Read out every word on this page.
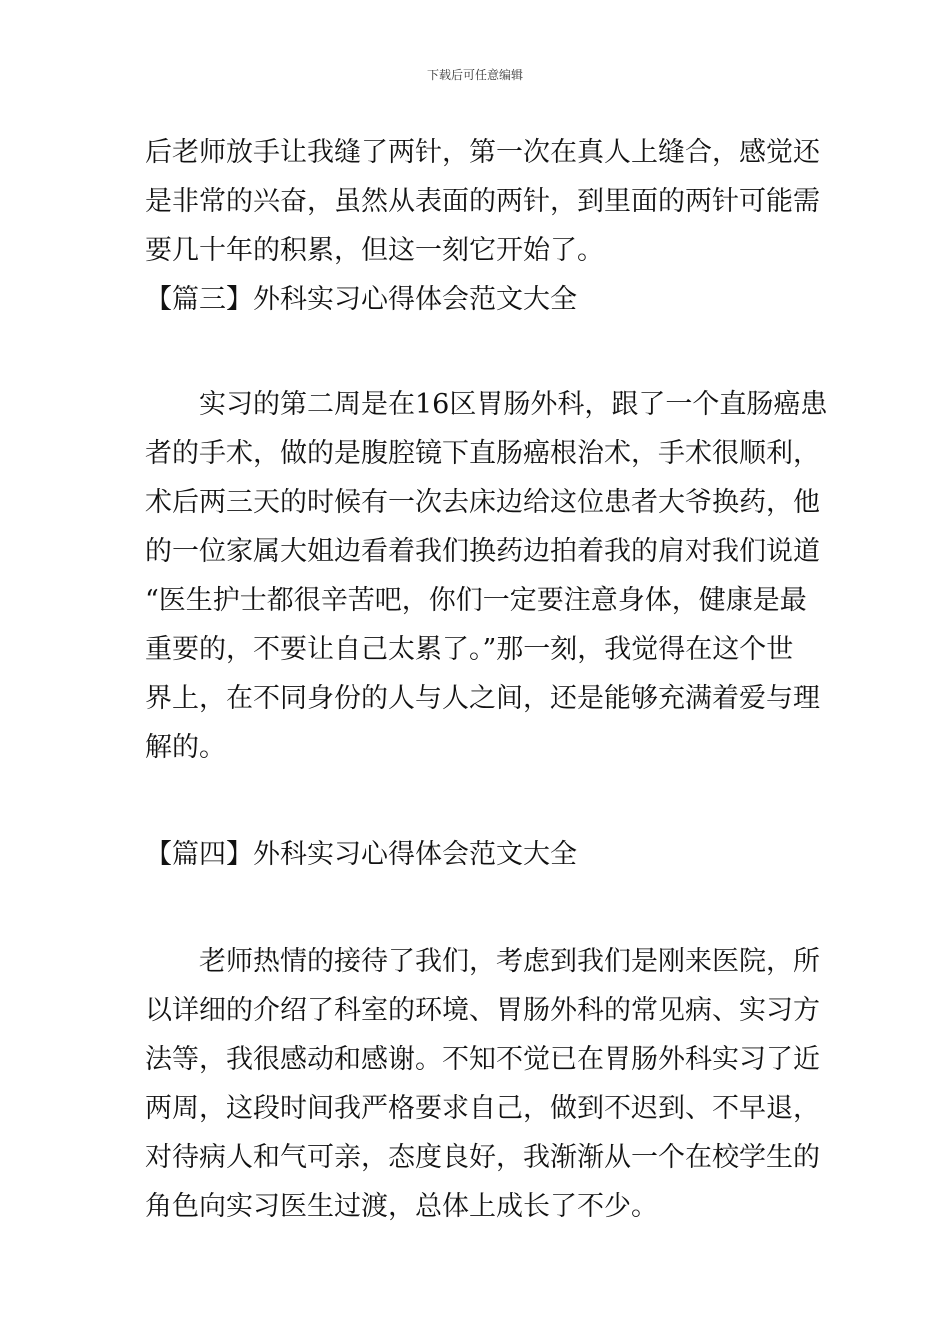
下载后可任意编辑
后老师放手让我缝了两针，第一次在真人上缝合，感觉还
是非常的兴奋，虽然从表面的两针，到里面的两针可能需
要几十年的积累，但这一刻它开始了。
【篇三】外科实习心得体会范文大全
实习的第二周是在16区胃肠外科，跟了一个直肠癌患
者的手术，做的是腹腔镜下直肠癌根治术，手术很顺利，
术后两三天的时候有一次去床边给这位患者大爷换药，他
的一位家属大姐边看着我们换药边拍着我的肩对我们说道
“医生护士都很辛苦吧，你们一定要注意身体，健康是最
重要的，不要让自己太累了。”那一刻，我觉得在这个世
界上，在不同身份的人与人之间，还是能够充满着爱与理
解的。
【篇四】外科实习心得体会范文大全
老师热情的接待了我们，考虑到我们是刚来医院，所
以详细的介绍了科室的环境、胃肠外科的常见病、实习方
法等，我很感动和感谢。不知不觉已在胃肠外科实习了近
两周，这段时间我严格要求自己，做到不迟到、不早退，
对待病人和气可亲，态度良好，我渐渐从一个在校学生的
角色向实习医生过渡，总体上成长了不少。
